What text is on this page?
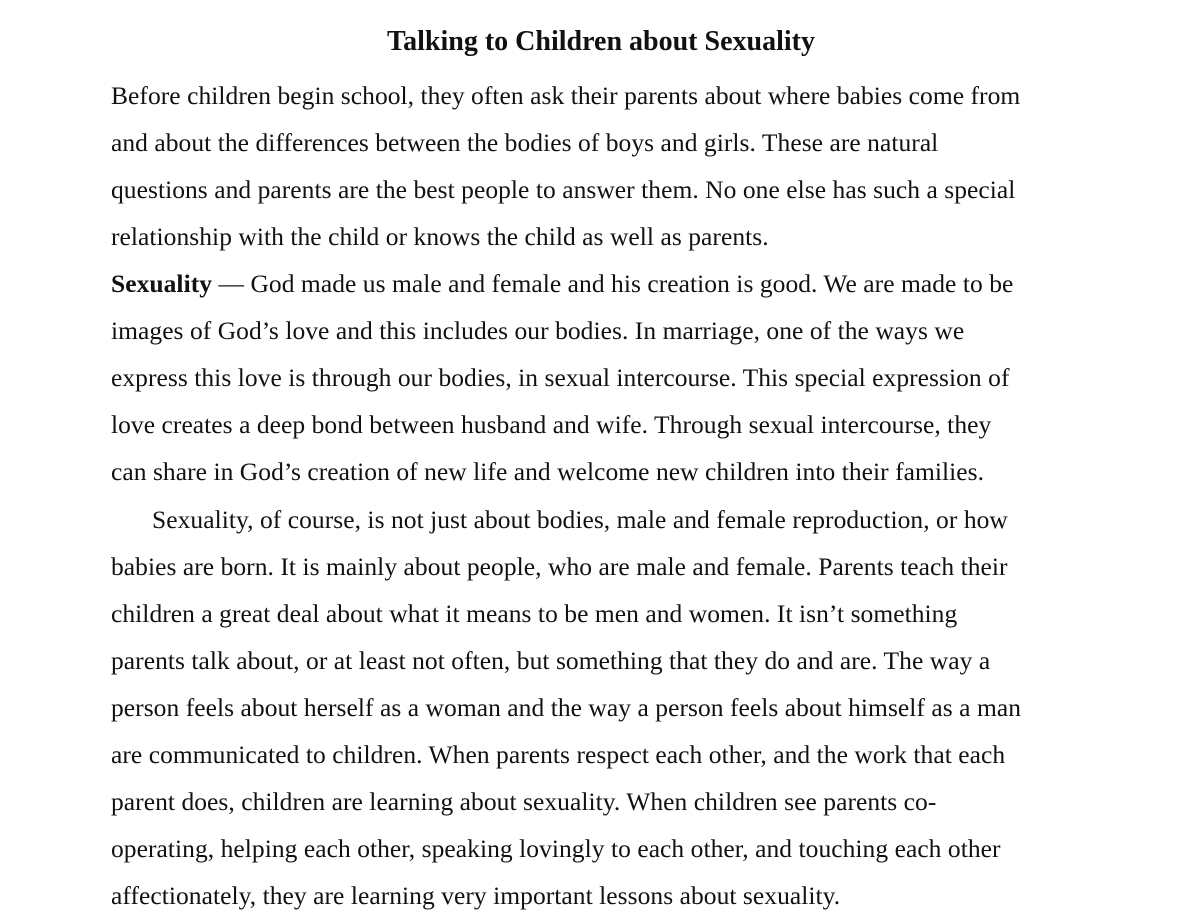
Talking to Children about Sexuality
Before children begin school, they often ask their parents about where babies come from
and about the differences between the bodies of boys and girls. These are natural
questions and parents are the best people to answer them. No one else has such a special
relationship with the child or knows the child as well as parents.
Sexuality — God made us male and female and his creation is good. We are made to be
images of God’s love and this includes our bodies. In marriage, one of the ways we
express this love is through our bodies, in sexual intercourse. This special expression of
love creates a deep bond between husband and wife. Through sexual intercourse, they
can share in God’s creation of new life and welcome new children into their families.
Sexuality, of course, is not just about bodies, male and female reproduction, or how
babies are born. It is mainly about people, who are male and female. Parents teach their
children a great deal about what it means to be men and women. It isn’t something
parents talk about, or at least not often, but something that they do and are. The way a
person feels about herself as a woman and the way a person feels about himself as a man
are communicated to children. When parents respect each other, and the work that each
parent does, children are learning about sexuality. When children see parents co-
operating, helping each other, speaking lovingly to each other, and touching each other
affectionately, they are learning very important lessons about sexuality.
